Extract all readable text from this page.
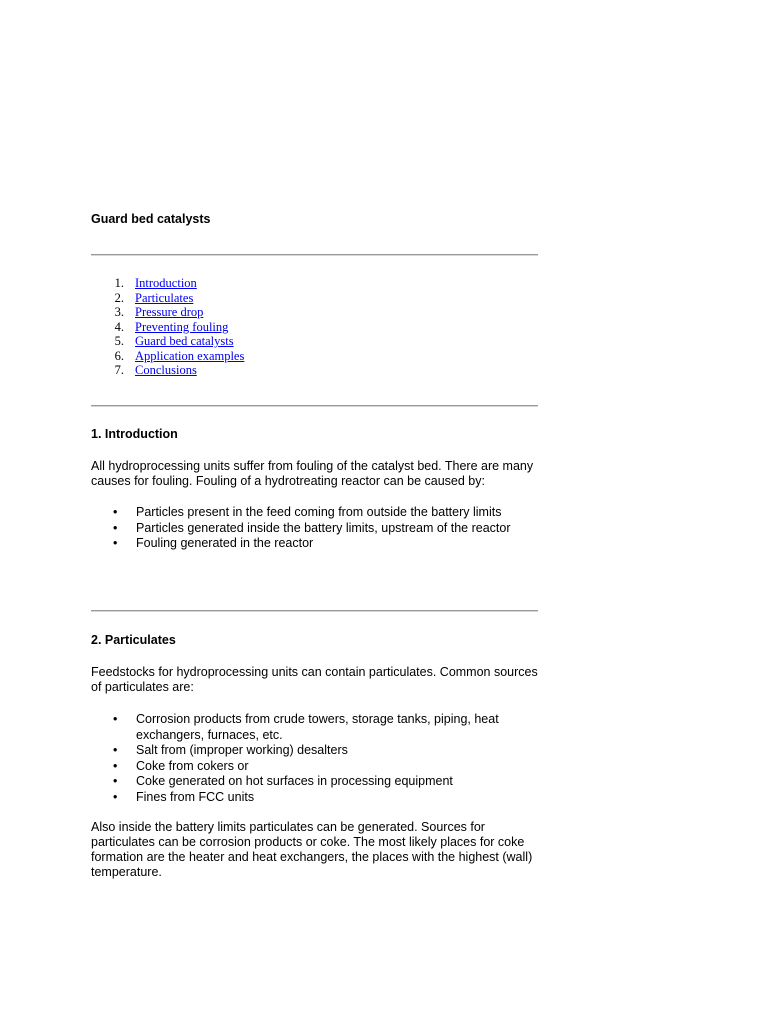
Guard bed catalysts
1. Introduction
2. Particulates
3. Pressure drop
4. Preventing fouling
5. Guard bed catalysts
6. Application examples
7. Conclusions
1. Introduction

All hydroprocessing units suffer from fouling of the catalyst bed. There are many causes for fouling. Fouling of a hydrotreating reactor can be caused by:

• Particles present in the feed coming from outside the battery limits
• Particles generated inside the battery limits, upstream of the reactor
• Fouling generated in the reactor
2. Particulates

Feedstocks for hydroprocessing units can contain particulates. Common sources of particulates are:

• Corrosion products from crude towers, storage tanks, piping, heat exchangers, furnaces, etc.
• Salt from (improper working) desalters
• Coke from cokers or
• Coke generated on hot surfaces in processing equipment
• Fines from FCC units

Also inside the battery limits particulates can be generated. Sources for particulates can be corrosion products or coke. The most likely places for coke formation are the heater and heat exchangers, the places with the highest (wall) temperature.
